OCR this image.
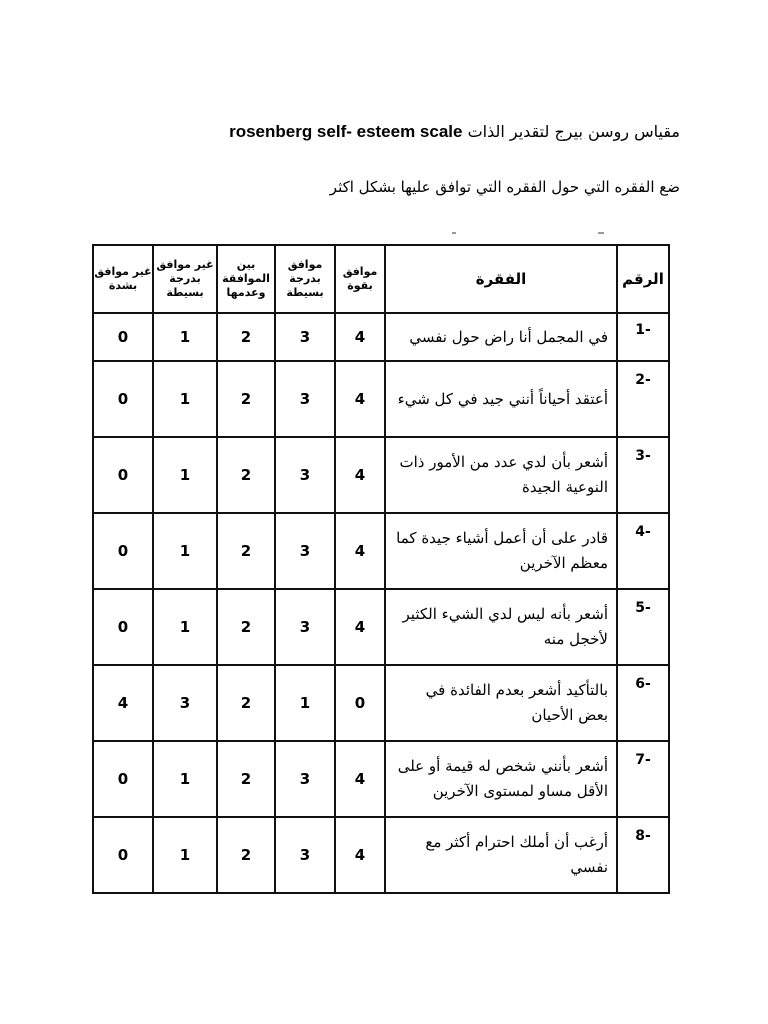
مقياس روسن بيرج لتقدير الذات rosenberg self- esteem scale
ضع الفقره التي حول الفقره التي توافق عليها بشكل اكثر
الرقم	الفقرة	موافق بقوة	موافق بدرجة بسيطة	بين الموافقة وعدمها	غير موافق بدرجة بسيطة	غير موافق بشدة
-1	في المجمل أنا راض حول نفسي	4	3	2	1	0
-2	أعتقد أحياناً أنني جيد في كل شيء	4	3	2	1	0
-3	أشعر بأن لدي عدد من الأمور ذات النوعية الجيدة	4	3	2	1	0
-4	قادر على أن أعمل أشياء جيدة كما معظم الآخرين	4	3	2	1	0
-5	أشعر بأنه ليس لدي الشيء الكثير لأخجل منه	4	3	2	1	0
-6	بالتأكيد أشعر بعدم الفائدة في بعض الأحيان	0	1	2	3	4
-7	أشعر بأنني شخص له قيمة أو على الأقل مساو لمستوى الآخرين	4	3	2	1	0
-8	أرغب أن أملك احترام أكثر مع نفسي	4	3	2	1	0
